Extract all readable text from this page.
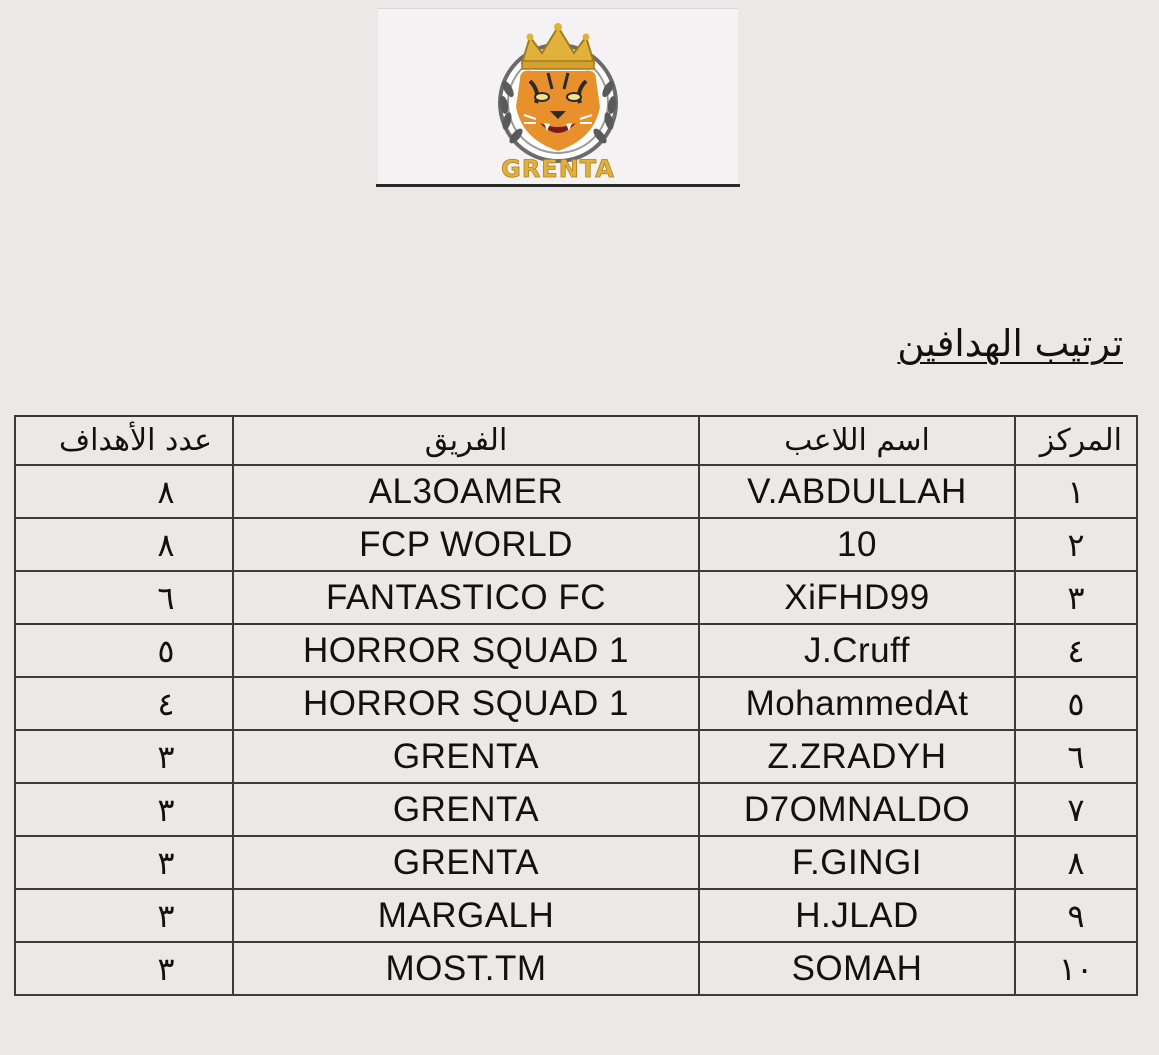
GRENTA
ترتيب الهدافين
المركز	اسم اللاعب	الفريق	عدد الأهداف
١	V.ABDULLAH	AL3OAMER	٨
٢	10	FCP WORLD	٨
٣	XiFHD99	FANTASTICO FC	٦
٤	J.Cruff	HORROR SQUAD 1	٥
٥	MohammedAt	HORROR SQUAD 1	٤
٦	Z.ZRADYH	GRENTA	٣
٧	D7OMNALDO	GRENTA	٣
٨	F.GINGI	GRENTA	٣
٩	H.JLAD	MARGALH	٣
١٠	SOMAH	MOST.TM	٣
